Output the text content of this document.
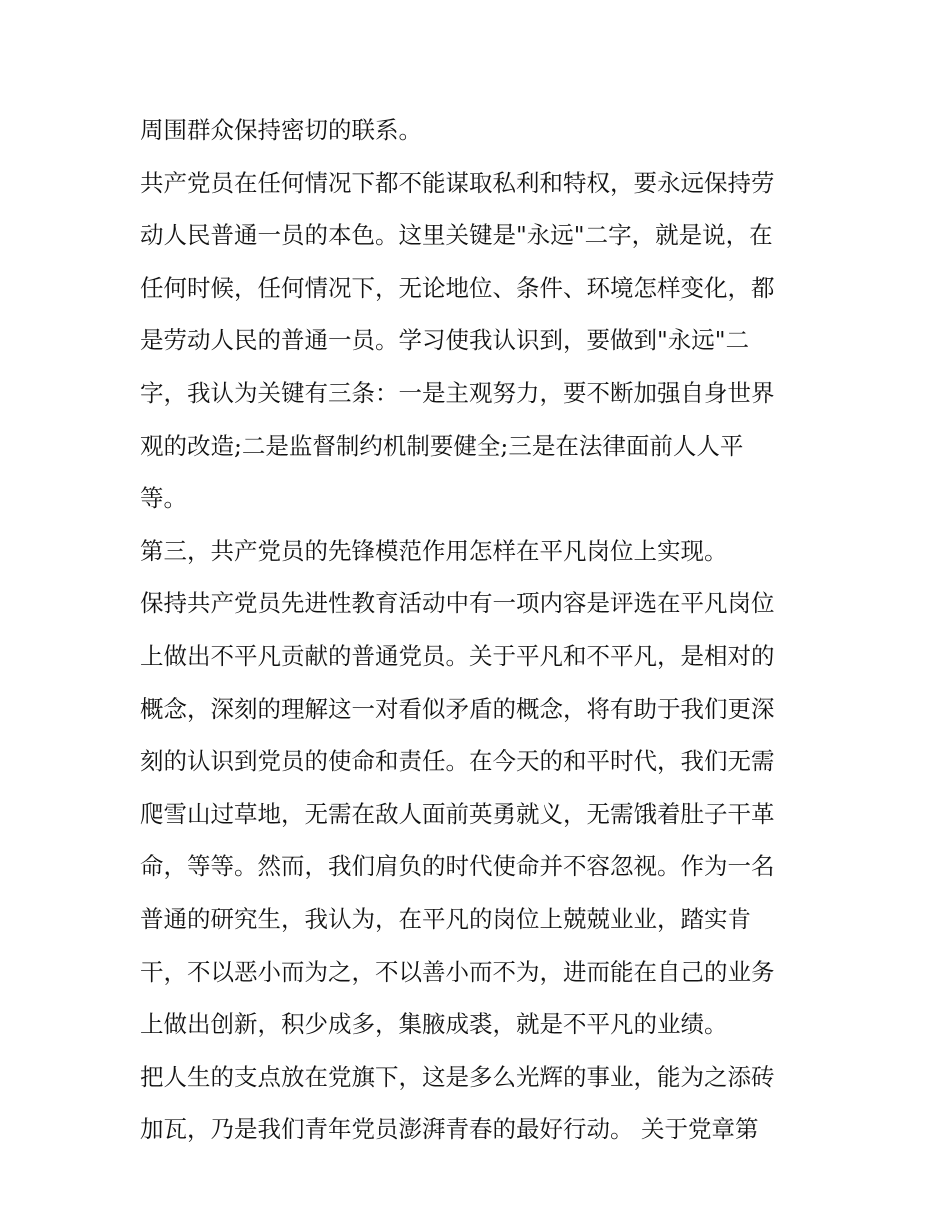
周围群众保持密切的联系。
共产党员在任何情况下都不能谋取私利和特权，要永远保持劳
动人民普通一员的本色。这里关键是"永远"二字，就是说，在
任何时候，任何情况下，无论地位、条件、环境怎样变化，都
是劳动人民的普通一员。学习使我认识到，要做到"永远"二
字，我认为关键有三条：一是主观努力，要不断加强自身世界
观的改造;二是监督制约机制要健全;三是在法律面前人人平
等。
第三，共产党员的先锋模范作用怎样在平凡岗位上实现。
保持共产党员先进性教育活动中有一项内容是评选在平凡岗位
上做出不平凡贡献的普通党员。关于平凡和不平凡，是相对的
概念，深刻的理解这一对看似矛盾的概念，将有助于我们更深
刻的认识到党员的使命和责任。在今天的和平时代，我们无需
爬雪山过草地，无需在敌人面前英勇就义，无需饿着肚子干革
命，等等。然而，我们肩负的时代使命并不容忽视。作为一名
普通的研究生，我认为，在平凡的岗位上兢兢业业，踏实肯
干，不以恶小而为之，不以善小而不为，进而能在自己的业务
上做出创新，积少成多，集腋成裘，就是不平凡的业绩。
把人生的支点放在党旗下，这是多么光辉的事业，能为之添砖
加瓦，乃是我们青年党员澎湃青春的最好行动。 关于党章第
